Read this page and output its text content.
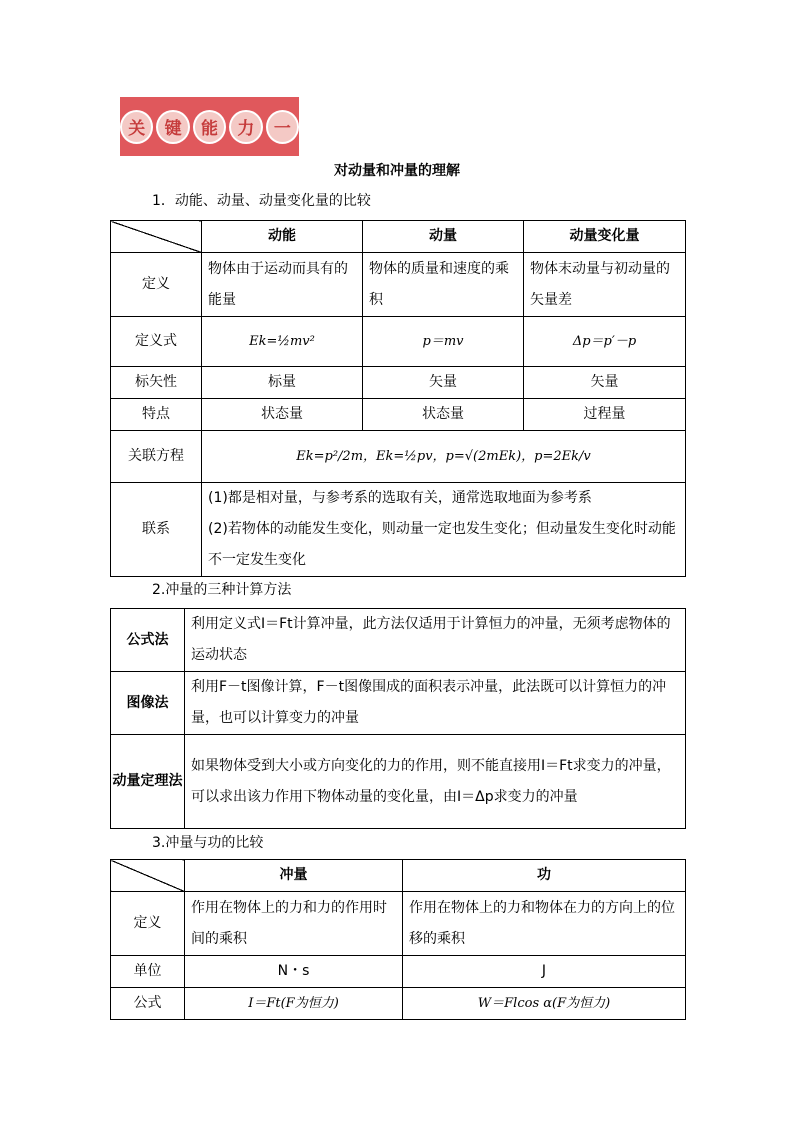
关	键	能	力	一
对动量和冲量的理解
1．动能、动量、动量变化量的比较
	动能	动量	动量变化量
定义	物体由于运动而具有的能量	物体的质量和速度的乘积	物体末动量与初动量的矢量差
定义式	Ek=½mv²	p＝mv	Δp＝p′－p
标矢性	标量	矢量	矢量
特点	状态量	状态量	过程量
关联方程	Ek=p²/2m，Ek=½pv，p=√(2mEk)，p=2Ek/v		
联系	(1)都是相对量，与参考系的选取有关，通常选取地面为参考系
(2)若物体的动能发生变化，则动量一定也发生变化；但动量发生变化时动能不一定发生变化		
2.冲量的三种计算方法
公式法	利用定义式I＝Ft计算冲量，此方法仅适用于计算恒力的冲量，无须考虑物体的运动状态
图像法	利用F－t图像计算，F－t图像围成的面积表示冲量，此法既可以计算恒力的冲量，也可以计算变力的冲量
动量定理法	如果物体受到大小或方向变化的力的作用，则不能直接用I＝Ft求变力的冲量，可以求出该力作用下物体动量的变化量，由I＝Δp求变力的冲量
3.冲量与功的比较
	冲量	功
定义	作用在物体上的力和力的作用时间的乘积	作用在物体上的力和物体在力的方向上的位移的乘积
单位	N・s	J
公式	I＝Ft(F为恒力)	W＝Flcos α(F为恒力)
